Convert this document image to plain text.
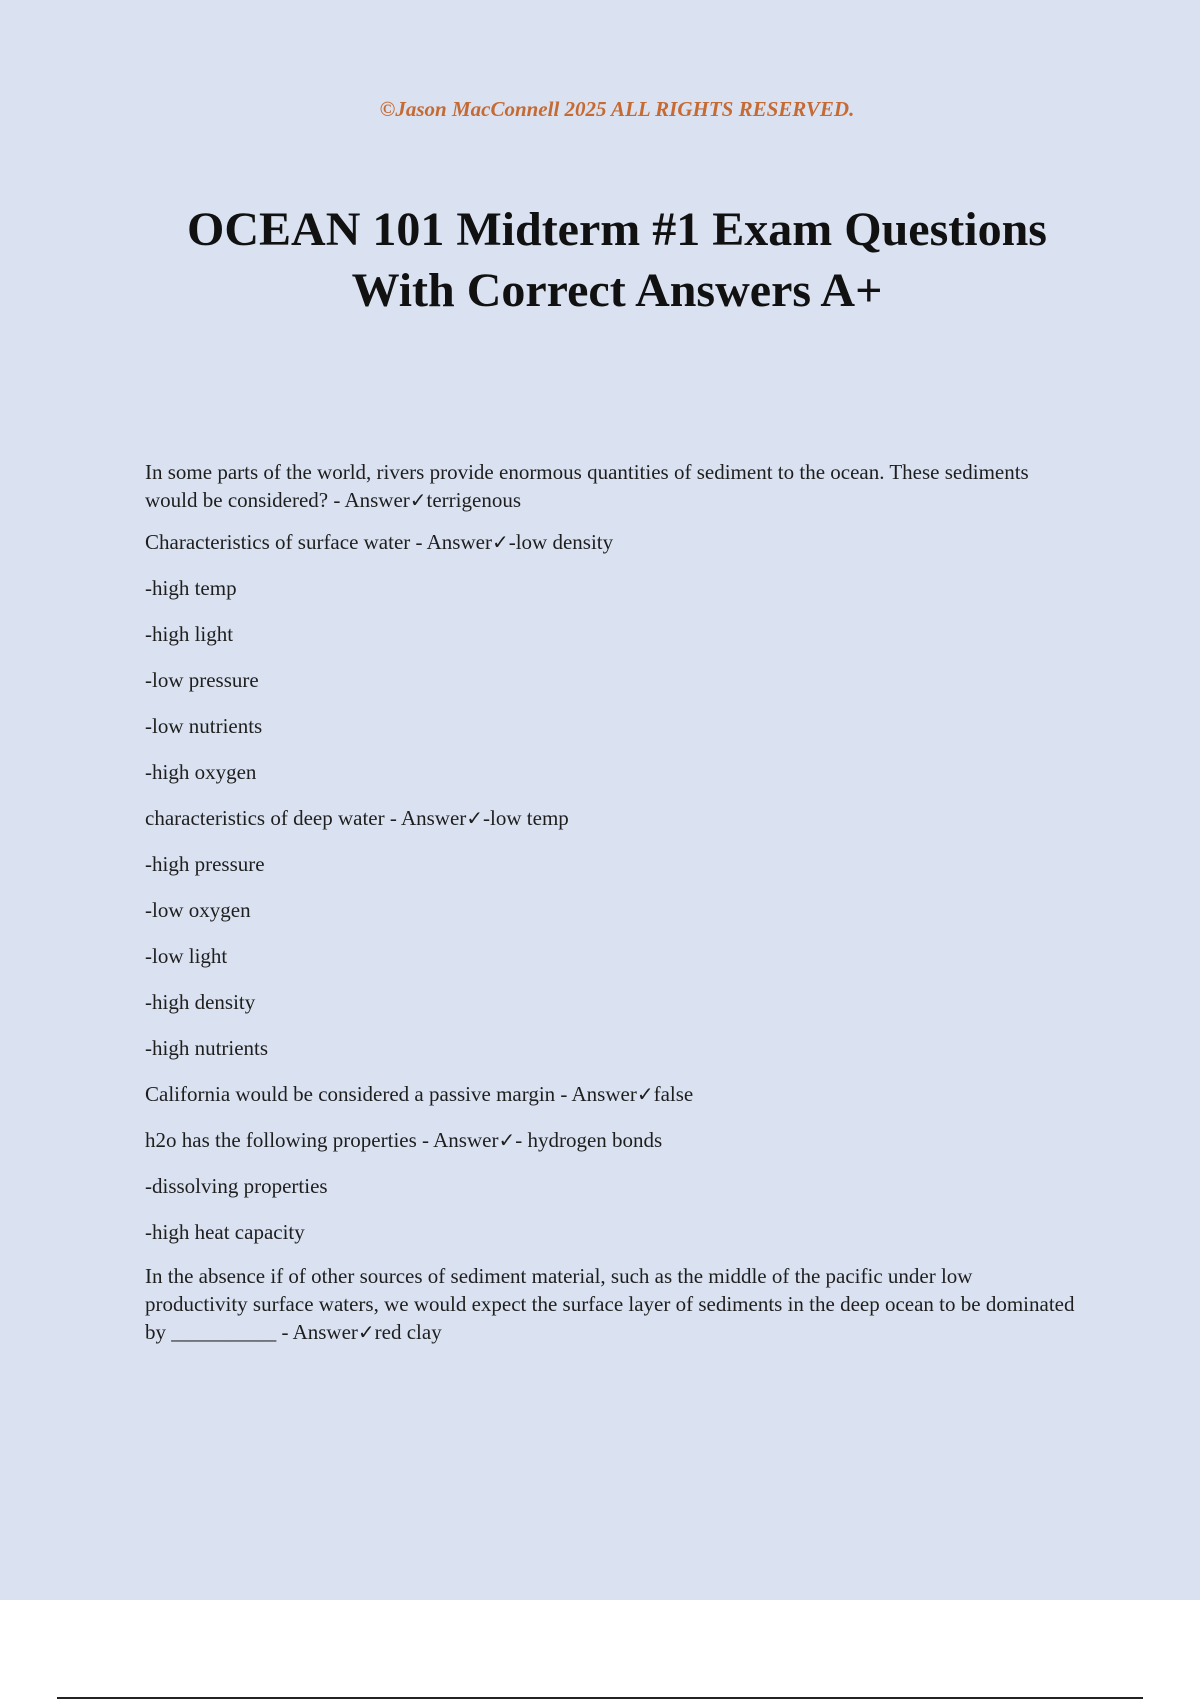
©Jason MacConnell 2025 ALL RIGHTS RESERVED.
OCEAN 101 Midterm #1 Exam Questions
With Correct Answers A+

In some parts of the world, rivers provide enormous quantities of sediment to the ocean. These sediments would be considered? - Answer✓terrigenous

Characteristics of surface water - Answer✓-low density

-high temp

-high light

-low pressure

-low nutrients

-high oxygen

characteristics of deep water - Answer✓-low temp

-high pressure

-low oxygen

-low light

-high density

-high nutrients

California would be considered a passive margin - Answer✓false

h2o has the following properties - Answer✓- hydrogen bonds

-dissolving properties

-high heat capacity

In the absence if of other sources of sediment material, such as the middle of the pacific under low productivity surface waters, we would expect the surface layer of sediments in the deep ocean to be dominated by __________ - Answer✓red clay
